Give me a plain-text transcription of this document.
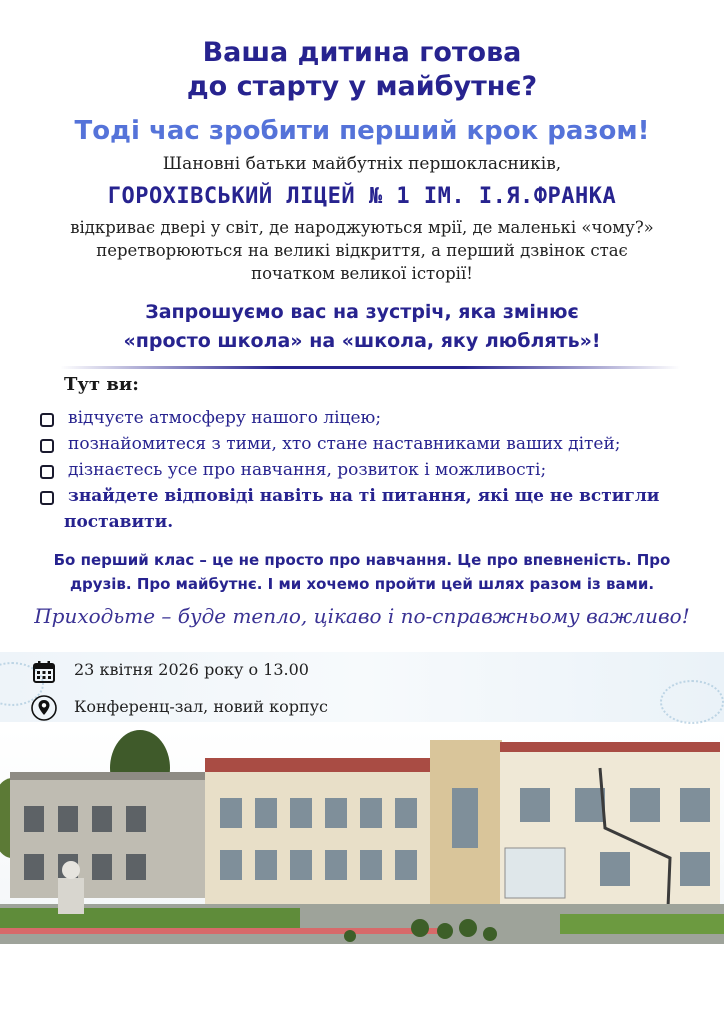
Ваша дитина готова
до старту у майбутнє?
Тоді час зробити перший крок разом!
Шановні батьки майбутніх першокласників,
ГОРОХІВСЬКИЙ ЛІЦЕЙ № 1 ІМ. І.Я.ФРАНКА
відкриває двері у світ, де народжуються мрії, де маленькі «чому?»
перетворюються на великі відкриття, а перший дзвінок стає
початком великої історії!
Запрошуємо вас на зустріч, яка змінює
«просто школа» на «школа, яку люблять»!
Тут ви:
відчуєте атмосферу нашого ліцею;
познайомитеся з тими, хто стане наставниками ваших дітей;
дізнаєтесь усе про навчання, розвиток і можливості;
знайдете відповіді навіть на ті питання, які ще не встигли
поставити.
Бо перший клас – це не просто про навчання. Це про впевненість. Про
друзів. Про майбутнє. І ми хочемо пройти цей шлях разом із вами.
Приходьте – буде тепло, цікаво і по-справжньому важливо!
23 квітня 2026 року о 13.00
Конференц-зал, новий корпус
